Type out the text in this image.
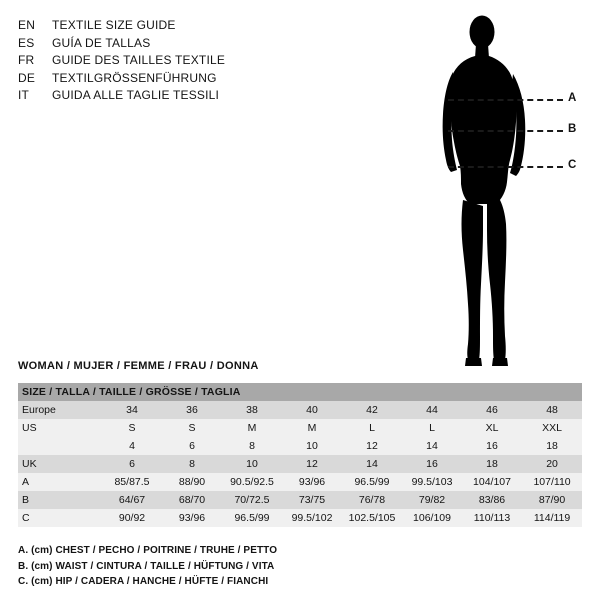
EN	TEXTILE SIZE GUIDE
ES	GUÍA DE TALLAS
FR	GUIDE DES TAILLES TEXTILE
DE	TEXTILGRÖSSENFÜHRUNG
IT	GUIDA ALLE TAGLIE TESSILI	A
B
C
WOMAN / MUJER / FEMME / FRAU / DONNA
SIZE / TALLA / TAILLE / GRÖSSE / TAGLIA								
Europe	34	36	38	40	42	44	46	48
US	S	S	M	M	L	L	XL	XXL
	4	6	8	10	12	14	16	18
UK	6	8	10	12	14	16	18	20
A	85/87.5	88/90	90.5/92.5	93/96	96.5/99	99.5/103	104/107	107/110
B	64/67	68/70	70/72.5	73/75	76/78	79/82	83/86	87/90
C	90/92	93/96	96.5/99	99.5/102	102.5/105	106/109	110/113	114/119
A. (cm) CHEST / PECHO / POITRINE / TRUHE / PETTO
B. (cm) WAIST / CINTURA / TAILLE / HÜFTUNG / VITA
C. (cm) HIP / CADERA / HANCHE / HÜFTE / FIANCHI
